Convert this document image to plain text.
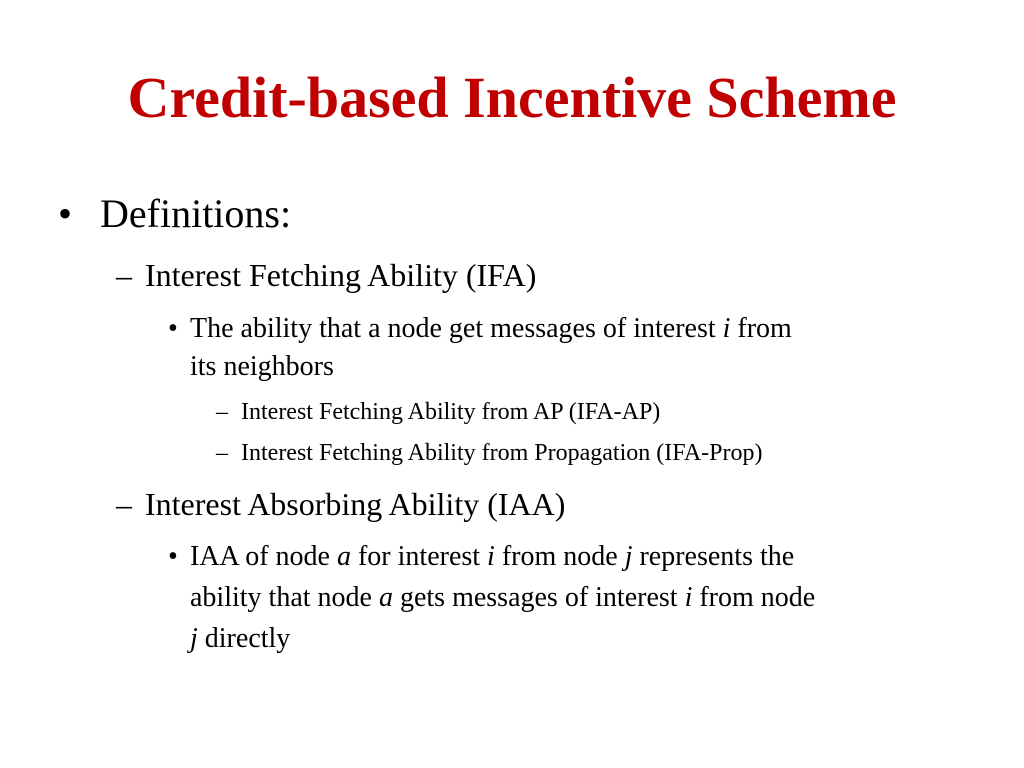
Credit-based Incentive Scheme
• Definitions:

– Interest Fetching Ability (IFA)

• The ability that a node get messages of interest i from

its neighbors

– Interest Fetching Ability from AP (IFA-AP)

– Interest Fetching Ability from Propagation (IFA-Prop)

– Interest Absorbing Ability (IAA)

• IAA of node a for interest i from node j represents the

ability that node a gets messages of interest i from node

j directly
